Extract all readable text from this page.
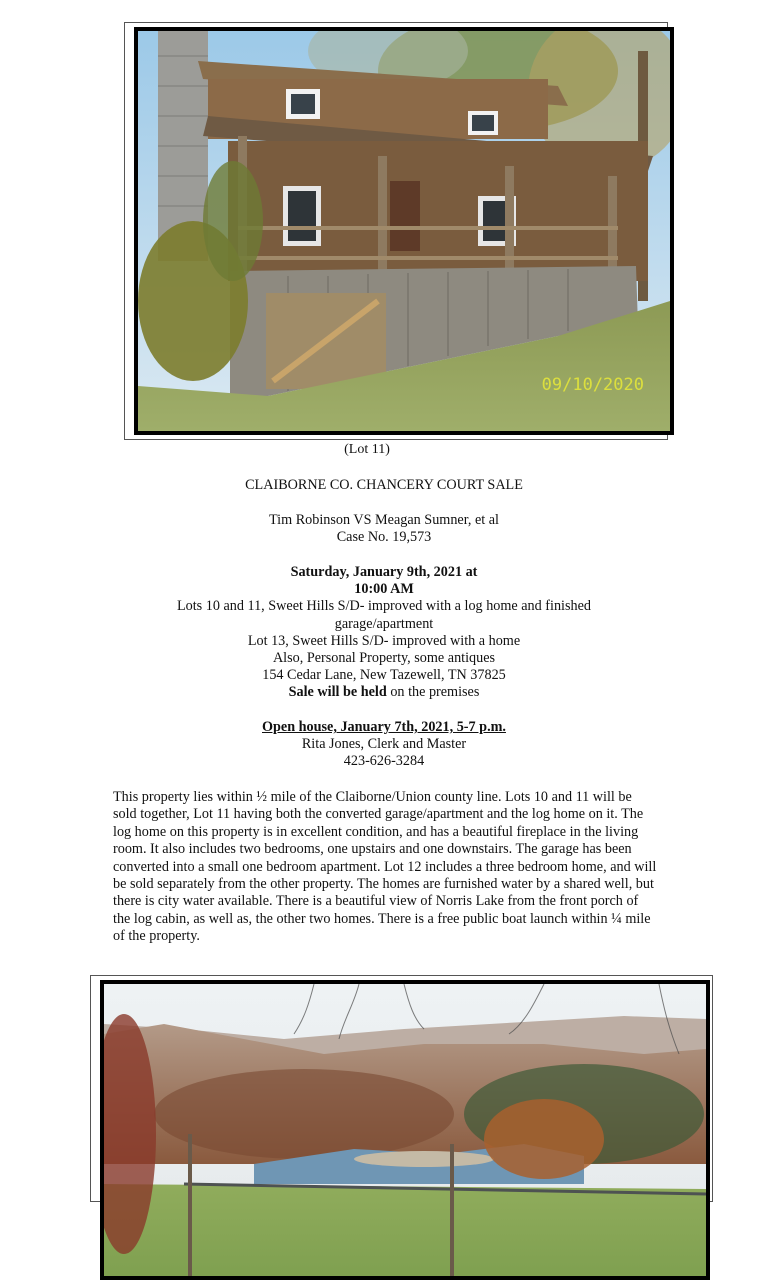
09/10/2020
(Lot 11)

CLAIBORNE CO. CHANCERY COURT SALE

Tim Robinson VS Meagan Sumner, et al

Case No. 19,573

Saturday, January 9th, 2021 at

10:00 AM

Lots 10 and 11, Sweet Hills S/D- improved with a log home and finished

garage/apartment

Lot 13, Sweet Hills S/D- improved with a home

Also, Personal Property, some antiques

154 Cedar Lane, New Tazewell, TN 37825

Sale will be held on the premises

Open house, January 7th, 2021, 5-7 p.m.

Rita Jones, Clerk and Master

423-626-3284

This property lies within ½ mile of the Claiborne/Union county line. Lots 10 and 11 will be sold together, Lot 11 having both the converted garage/apartment and the log home on it. The log home on this property is in excellent condition, and has a beautiful fireplace in the living room. It also includes two bedrooms, one upstairs and one downstairs. The garage has been converted into a small one bedroom apartment. Lot 12 includes a three bedroom home, and will be sold separately from the other property. The homes are furnished water by a shared well, but there is city water available. There is a beautiful view of Norris Lake from the front porch of the log cabin, as well as, the other two homes. There is a free public boat launch within ¼ mile of the property.
